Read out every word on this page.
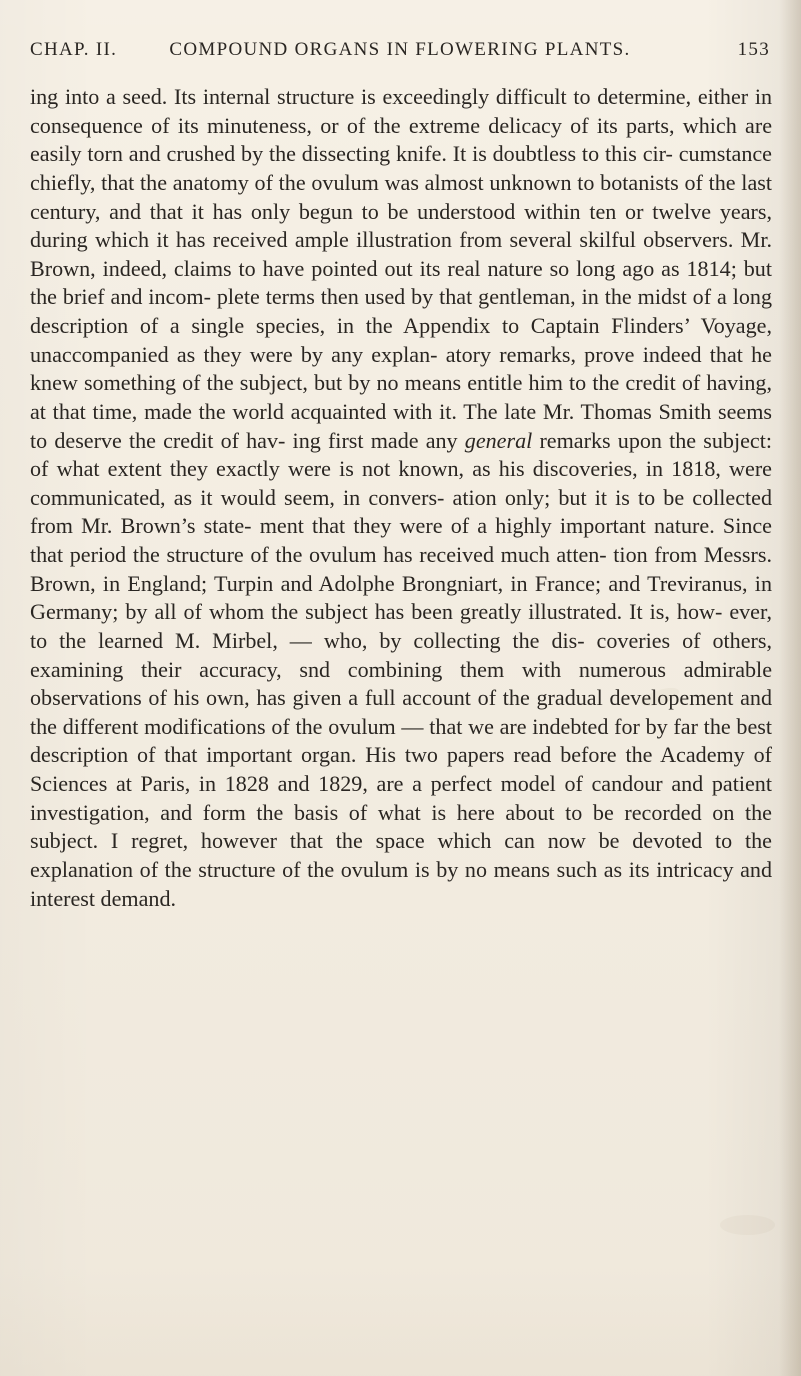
CHAP. II.	COMPOUND ORGANS IN FLOWERING PLANTS.	153

ing into a seed. Its internal structure is exceedingly difficult to determine, either in consequence of its minuteness, or of the extreme delicacy of its parts, which are easily torn and crushed by the dissecting knife. It is doubtless to this cir- cumstance chiefly, that the anatomy of the ovulum was almost unknown to botanists of the last century, and that it has only begun to be understood within ten or twelve years, during which it has received ample illustration from several skilful observers. Mr. Brown, indeed, claims to have pointed out its real nature so long ago as 1814; but the brief and incom- plete terms then used by that gentleman, in the midst of a long description of a single species, in the Appendix to Captain Flinders’ Voyage, unaccompanied as they were by any explan- atory remarks, prove indeed that he knew something of the subject, but by no means entitle him to the credit of having, at that time, made the world acquainted with it. The late Mr. Thomas Smith seems to deserve the credit of hav- ing first made any general remarks upon the subject: of what extent they exactly were is not known, as his discoveries, in 1818, were communicated, as it would seem, in convers- ation only; but it is to be collected from Mr. Brown’s state- ment that they were of a highly important nature. Since that period the structure of the ovulum has received much atten- tion from Messrs. Brown, in England; Turpin and Adolphe Brongniart, in France; and Treviranus, in Germany; by all of whom the subject has been greatly illustrated. It is, how- ever, to the learned M. Mirbel, — who, by collecting the dis- coveries of others, examining their accuracy, snd combining them with numerous admirable observations of his own, has given a full account of the gradual developement and the different modifications of the ovulum — that we are indebted for by far the best description of that important organ. His two papers read before the Academy of Sciences at Paris, in 1828 and 1829, are a perfect model of candour and patient investigation, and form the basis of what is here about to be recorded on the subject. I regret, however that the space which can now be devoted to the explanation of the structure of the ovulum is by no means such as its intricacy and interest demand.
